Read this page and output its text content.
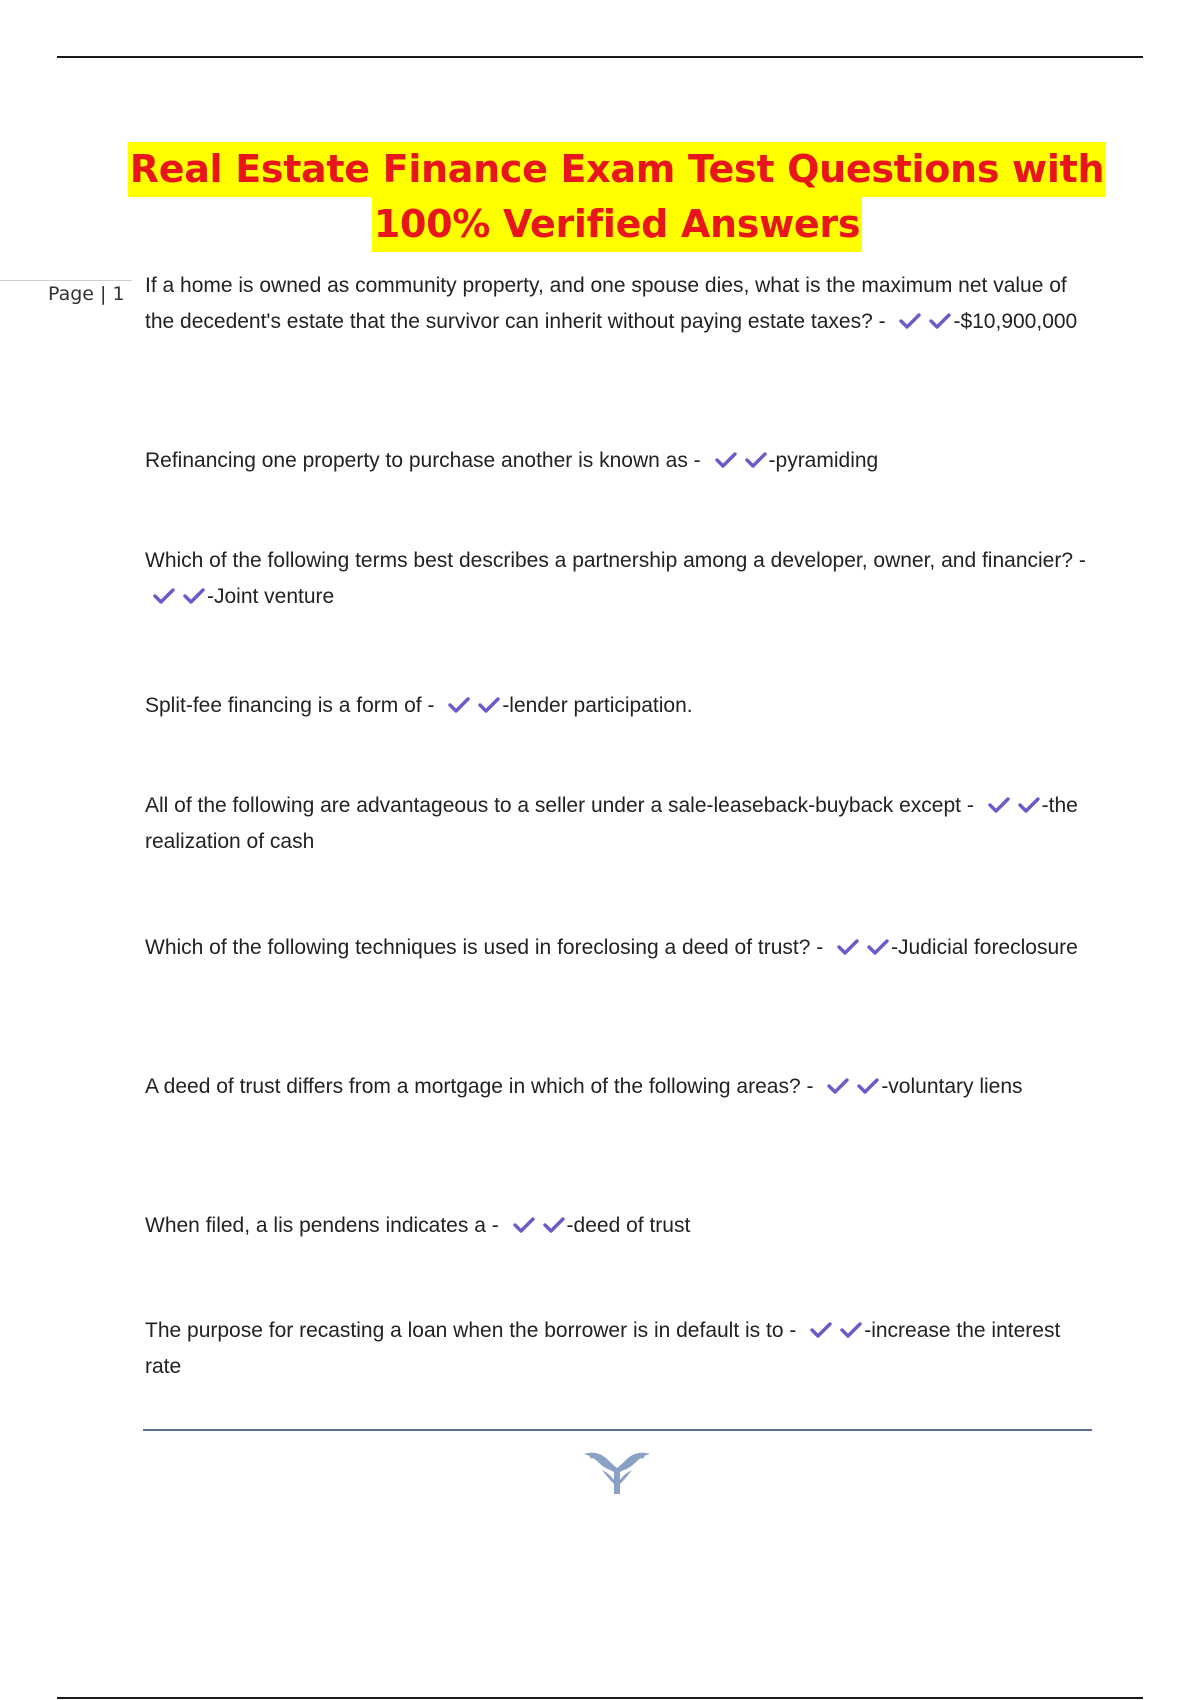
Real Estate Finance Exam Test Questions with
100% Verified Answers
Page | 1 If a home is owned as community property, and one spouse dies, what is the maximum net value of the decedent's estate that the survivor can inherit without paying estate taxes? -	-$10,900,000
Refinancing one property to purchase another is known as -	-pyramiding
Which of the following terms best describes a partnership among a developer, owner, and financier? -
-Joint venture
Split-fee financing is a form of -	-lender participation.
All of the following are advantageous to a seller under a sale-leaseback-buyback except -	-the realization of cash
Which of the following techniques is used in foreclosing a deed of trust? -	-Judicial foreclosure
A deed of trust differs from a mortgage in which of the following areas? -	-voluntary liens
When filed, a lis pendens indicates a -	-deed of trust
The purpose for recasting a loan when the borrower is in default is to -	-increase the interest rate
